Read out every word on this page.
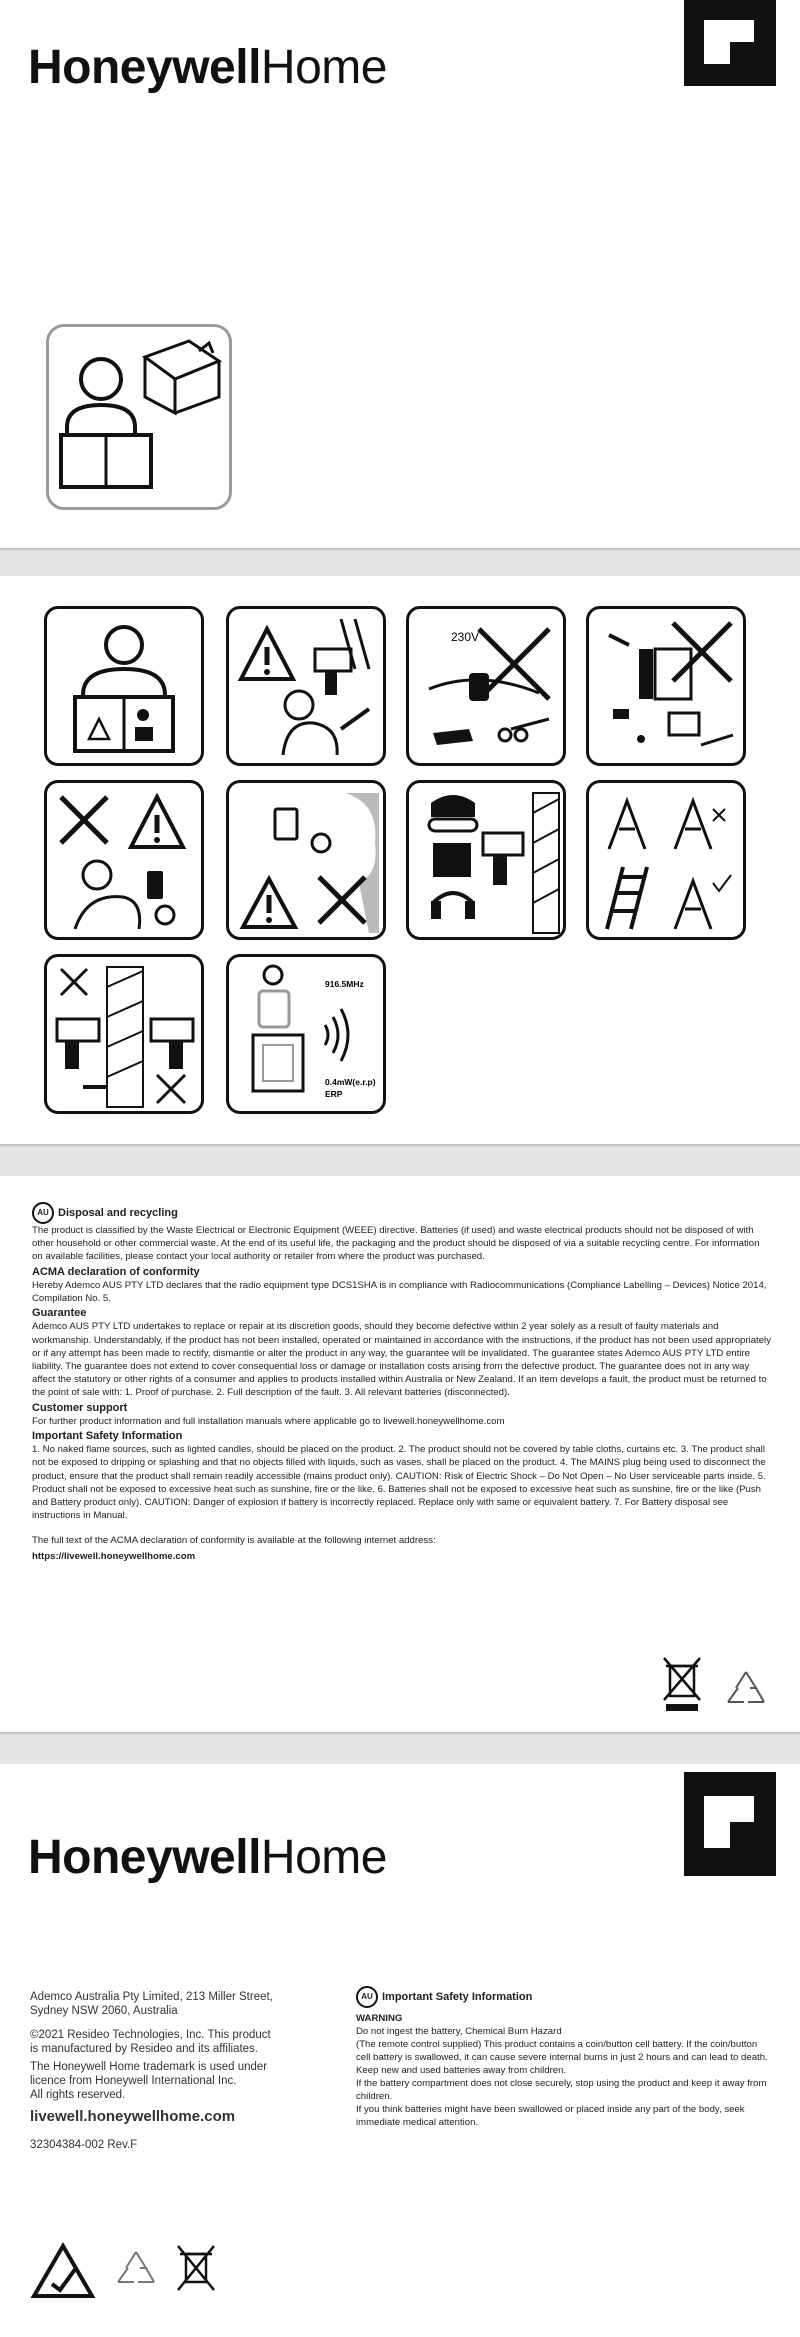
HoneywellHome
230V
916.5MHz
0.4mW(e.r.p)
ERP
AU Disposal and recycling

The product is classified by the Waste Electrical or Electronic Equipment (WEEE) directive. Batteries (if used) and waste electrical products should not be disposed of with other household or other commercial waste. At the end of its useful life, the packaging and the product should be disposed of via a suitable recycling centre. For information on available facilities, please contact your local authority or retailer from where the product was purchased.

ACMA declaration of conformity

Hereby Ademco AUS PTY LTD declares that the radio equipment type DCS1SHA is in compliance with Radiocommunications (Compliance Labelling – Devices) Notice 2014, Compilation No. 5.

Guarantee

Ademco AUS PTY LTD undertakes to replace or repair at its discretion goods, should they become defective within 2 year solely as a result of faulty materials and workmanship. Understandably, if the product has not been installed, operated or maintained in accordance with the instructions, if the product has not been used appropriately or if any attempt has been made to rectify, dismantle or alter the product in any way, the guarantee will be invalidated. The guarantee states Ademco AUS PTY LTD entire liability. The guarantee does not extend to cover consequential loss or damage or installation costs arising from the defective product. The guarantee does not in any way affect the statutory or other rights of a consumer and applies to products installed within Australia or New Zealand. If an item develops a fault, the product must be returned to the point of sale with: 1. Proof of purchase. 2. Full description of the fault. 3. All relevant batteries (disconnected).

Customer support

For further product information and full installation manuals where applicable go to livewell.honeywellhome.com

Important Safety Information

1. No naked flame sources, such as lighted candles, should be placed on the product. 2. The product should not be covered by table cloths, curtains etc. 3. The product shall not be exposed to dripping or splashing and that no objects filled with liquids, such as vases, shall be placed on the product. 4. The MAINS plug being used to disconnect the product, ensure that the product shall remain readily accessible (mains product only). CAUTION: Risk of Electric Shock – Do Not Open – No User serviceable parts inside. 5. Product shall not be exposed to excessive heat such as sunshine, fire or the like. 6. Batteries shall not be exposed to excessive heat such as sunshine, fire or the like (Push and Battery product only). CAUTION: Danger of explosion if battery is incorrectly replaced. Replace only with same or equivalent battery. 7. For Battery disposal see instructions in Manual.

The full text of the ACMA declaration of conformity is available at the following internet address:

https://livewell.honeywellhome.com

HoneywellHome

Ademco Australia Pty Limited, 213 Miller Street, Sydney NSW 2060, Australia

©2021 Resideo Technologies, Inc. This product is manufactured by Resideo and its affiliates.

The Honeywell Home trademark is used under licence from Honeywell International Inc.

All rights reserved.

livewell.honeywellhome.com

32304384-002 Rev.F

AU Important Safety Information
WARNING

Do not ingest the battery, Chemical Burn Hazard

(The remote control supplied) This product contains a coin/button cell battery. If the coin/button cell battery is swallowed, it can cause severe internal burns in just 2 hours and can lead to death.

Keep new and used batteries away from children.

If the battery compartment does not close securely, stop using the product and keep it away from children.

If you think batteries might have been swallowed or placed inside any part of the body, seek immediate medical attention.
